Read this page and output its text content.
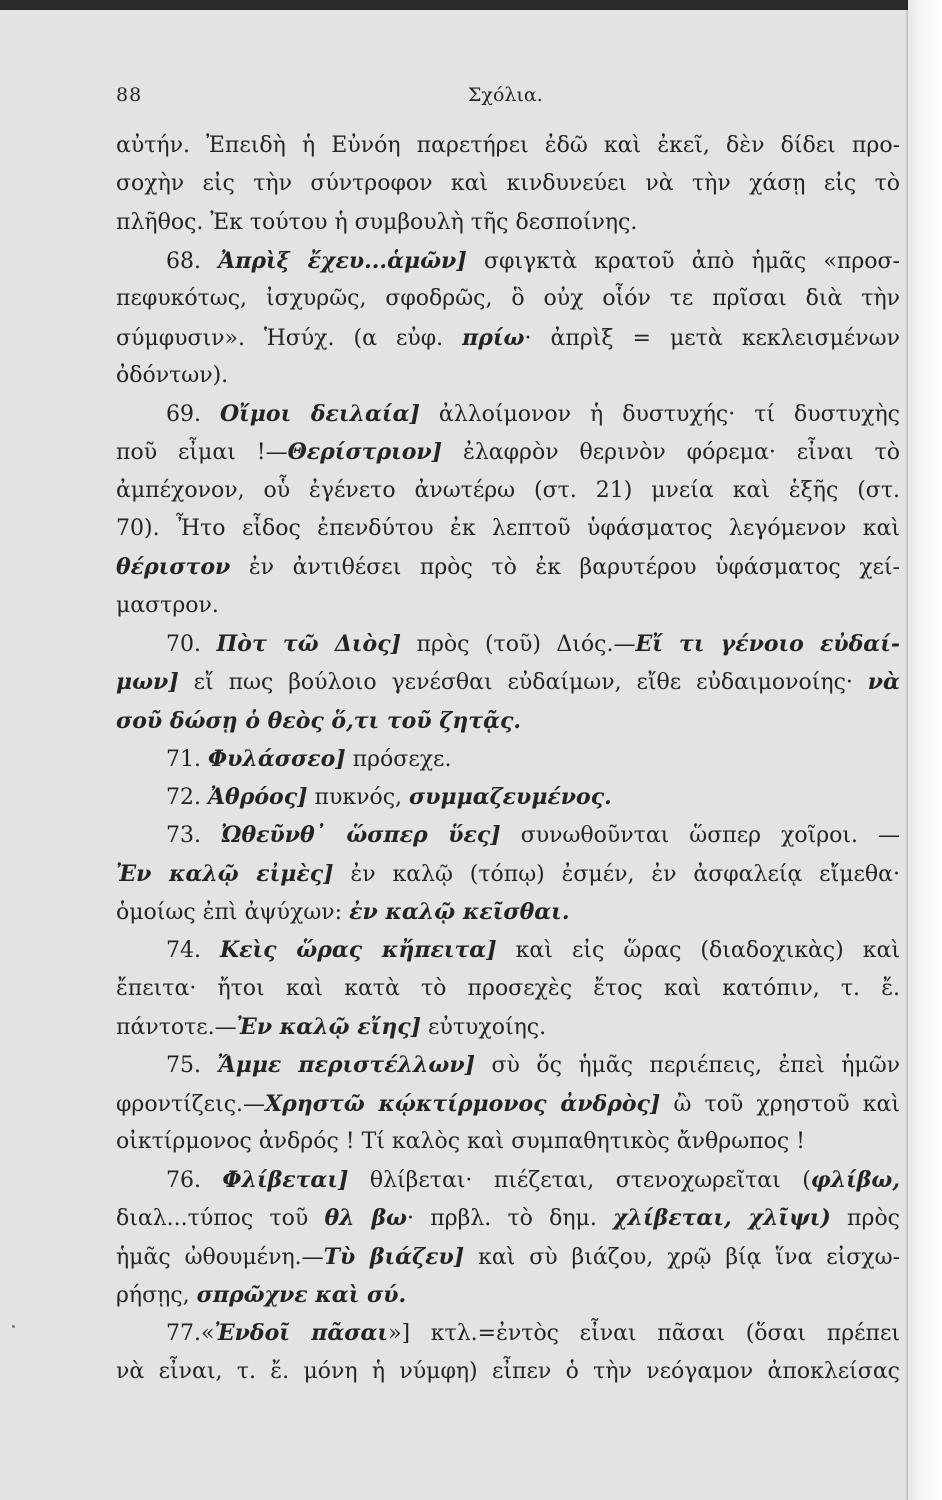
88	Σχόλια.
αὐτήν. Ἐπειδὴ ἡ Εὐνόη παρετήρει ἐδῶ καὶ ἐκεῖ, δὲν δίδει προ-
σοχὴν εἰς τὴν σύντροφον καὶ κινδυνεύει νὰ τὴν χάσῃ εἰς τὸ
πλῆθος. Ἐκ τούτου ἡ συμβουλὴ τῆς δεσποίνης.
68. Ἀπρὶξ ἔχευ...ἁμῶν] σφιγκτὰ κρατοῦ ἀπὸ ἡμᾶς «προσ-
πεφυκότως, ἰσχυρῶς, σφοδρῶς, ὃ οὐχ οἷόν τε πρῖσαι διὰ τὴν
σύμφυσιν». Ἡσύχ. (α εὐφ. πρίω· ἀπρὶξ = μετὰ κεκλεισμένων
ὀδόντων).
69. Οἴμοι δειλαία] ἀλλοίμονον ἡ δυστυχής· τί δυστυχὴς
ποῦ εἶμαι !—Θερίστριον] ἐλαφρὸν θερινὸν φόρεμα· εἶναι τὸ
ἀμπέχονον, οὗ ἐγένετο ἀνωτέρω (στ. 21) μνεία καὶ ἑξῆς (στ.
70). Ἦτο εἶδος ἐπενδύτου ἐκ λεπτοῦ ὑφάσματος λεγόμενον καὶ
θέριστον ἐν ἀντιθέσει πρὸς τὸ ἐκ βαρυτέρου ὑφάσματος χεί-
μαστρον.
70. Πὸτ τῶ Διὸς] πρὸς (τοῦ) Διός.—Εἴ τι γένοιο εὐδαί-
μων] εἴ πως βούλοιο γενέσθαι εὐδαίμων, εἴθε εὐδαιμονοίης· νὰ
σοῦ δώσῃ ὁ θεὸς ὅ,τι τοῦ ζητᾷς.
71. Φυλάσσεο] πρόσεχε.
72. Ἀθρόος] πυκνός, συμμαζευμένος.
73. Ὠθεῦνθ᾽ ὥσπερ ὕες] συνωθοῦνται ὥσπερ χοῖροι. —
Ἐν καλῷ εἰμὲς] ἐν καλῷ (τόπῳ) ἐσμέν, ἐν ἀσφαλείᾳ εἴμεθα·
ὁμοίως ἐπὶ ἀψύχων: ἐν καλῷ κεῖσθαι.
74. Κεὶς ὥρας κἤπειτα] καὶ εἰς ὥρας (διαδοχικὰς) καὶ
ἔπειτα· ἤτοι καὶ κατὰ τὸ προσεχὲς ἔτος καὶ κατόπιν, τ. ἔ.
πάντοτε.—Ἐν καλῷ εἴης] εὐτυχοίης.
75. Ἄμμε περιστέλλων] σὺ ὅς ἡμᾶς περιέπεις, ἐπεὶ ἡμῶν
φροντίζεις.—Χρηστῶ κῴκτίρμονος ἀνδρὸς] ὢ τοῦ χρηστοῦ καὶ
οἰκτίρμονος ἀνδρός ! Τί καλὸς καὶ συμπαθητικὸς ἄνθρωπος !
76. Φλίβεται] θλίβεται· πιέζεται, στενοχωρεῖται (φλίβω,
διαλ...τύπος τοῦ θλ βω· πρβλ. τὸ δημ. χλίβεται, χλῖψι) πρὸς
ἡμᾶς ὠθουμένη.—Τὺ βιάζευ] καὶ σὺ βιάζου, χρῷ βίᾳ ἵνα εἰσχω-
ρήσῃς, σπρῶχνε καὶ σύ.
77.«Ἐνδοῖ πᾶσαι»] κτλ.=ἐντὸς εἶναι πᾶσαι (ὅσαι πρέπει
νὰ εἶναι, τ. ἔ. μόνη ἡ νύμφη) εἶπεν ὁ τὴν νεόγαμον ἀποκλείσας
